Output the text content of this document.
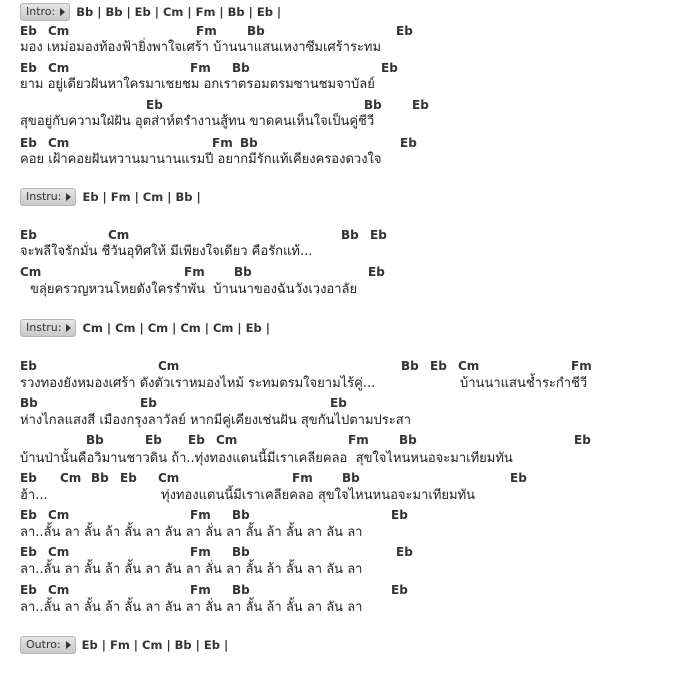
Intro: Bb | Bb | Eb | Cm | Fm | Bb | Eb |
Eb Cm	Fm	Bb	Eb
มอง เหม่อมองท้องฟ้ายิ่งพาใจเศร้า บ้านนาแสนเหงาซึมเศร้าระทม
Eb Cm	Fm Bb	Eb
ยาม อยู่เดียวฝันหาใครมาเชยชม อกเราตรอมตรมซานชมจาบัลย์
Eb	Bb	Eb
สุขอยู่กับความใฝ่ฝัน อุตส่าห์ตรำงานสู้ทน ขาดคนเห็นใจเป็นคู่ชีวี
Eb Cm	Fm Bb	Eb
คอย เฝ้าคอยฝันหวานมานานแรมปี อยากมีรักแท้เคียงครองดวงใจ
Instru: Eb | Fm | Cm | Bb |
Eb	Cm	Bb Eb
จะพลีใจรักมั่น ชีวันอุทิศให้ มีเพียงใจเดียว คือรักแท้...
Cm	Fm Bb	Eb
ขลุ่ยครวญหวนโหยดังใครรำพัน  บ้านนาของฉันวังเวงอาลัย
Instru: Cm | Cm | Cm | Cm | Cm | Eb |
Eb	Cm	Bb Eb Cm	Fm
รวงทองยังหมองเศร้า ดังตัวเราหมองไหม้ ระทมตรมใจยามไร้คู่...	บ้านนาแสนช้ำระกำชีวี
Bb	Eb	Eb
ห่างไกลแสงสี เมืองกรุงลาวัลย์ หากมีคู่เคียงเช่นฝัน สุขกันไปตามประสา
Bb	Eb Eb Cm	Fm	Bb	Eb
บ้านป่านั้นคือวิมานชาวดิน ถ้า..ทุ่งทองแดนนี้มีเราเคลียคลอ  สุขใจไหนหนอจะมาเทียมทัน
Eb Cm Bb Eb Cm	Fm Bb	Eb
ฮ้า...	ทุ่งทองแดนนี้มีเราเคลียคลอ สุขใจไหนหนอจะมาเทียมทัน
Eb Cm	Fm Bb	Eb
ลา..ลั้น ลา ลั้น ล้า ลั้น ลา ลัน ลา ลั่น ลา ลั้น ล้า ลั้น ลา ลัน ลา
Eb Cm	Fm Bb	Eb
ลา..ลั้น ลา ลั้น ล้า ลั้น ลา ลัน ลา ลั่น ลา ลั้น ล้า ลั้น ลา ลัน ลา
Eb Cm	Fm Bb	Eb
ลา..ลั้น ลา ลั้น ล้า ลั้น ลา ลัน ลา ลั่น ลา ลั้น ล้า ลั้น ลา ลัน ลา
Outro: Eb | Fm | Cm | Bb | Eb |
